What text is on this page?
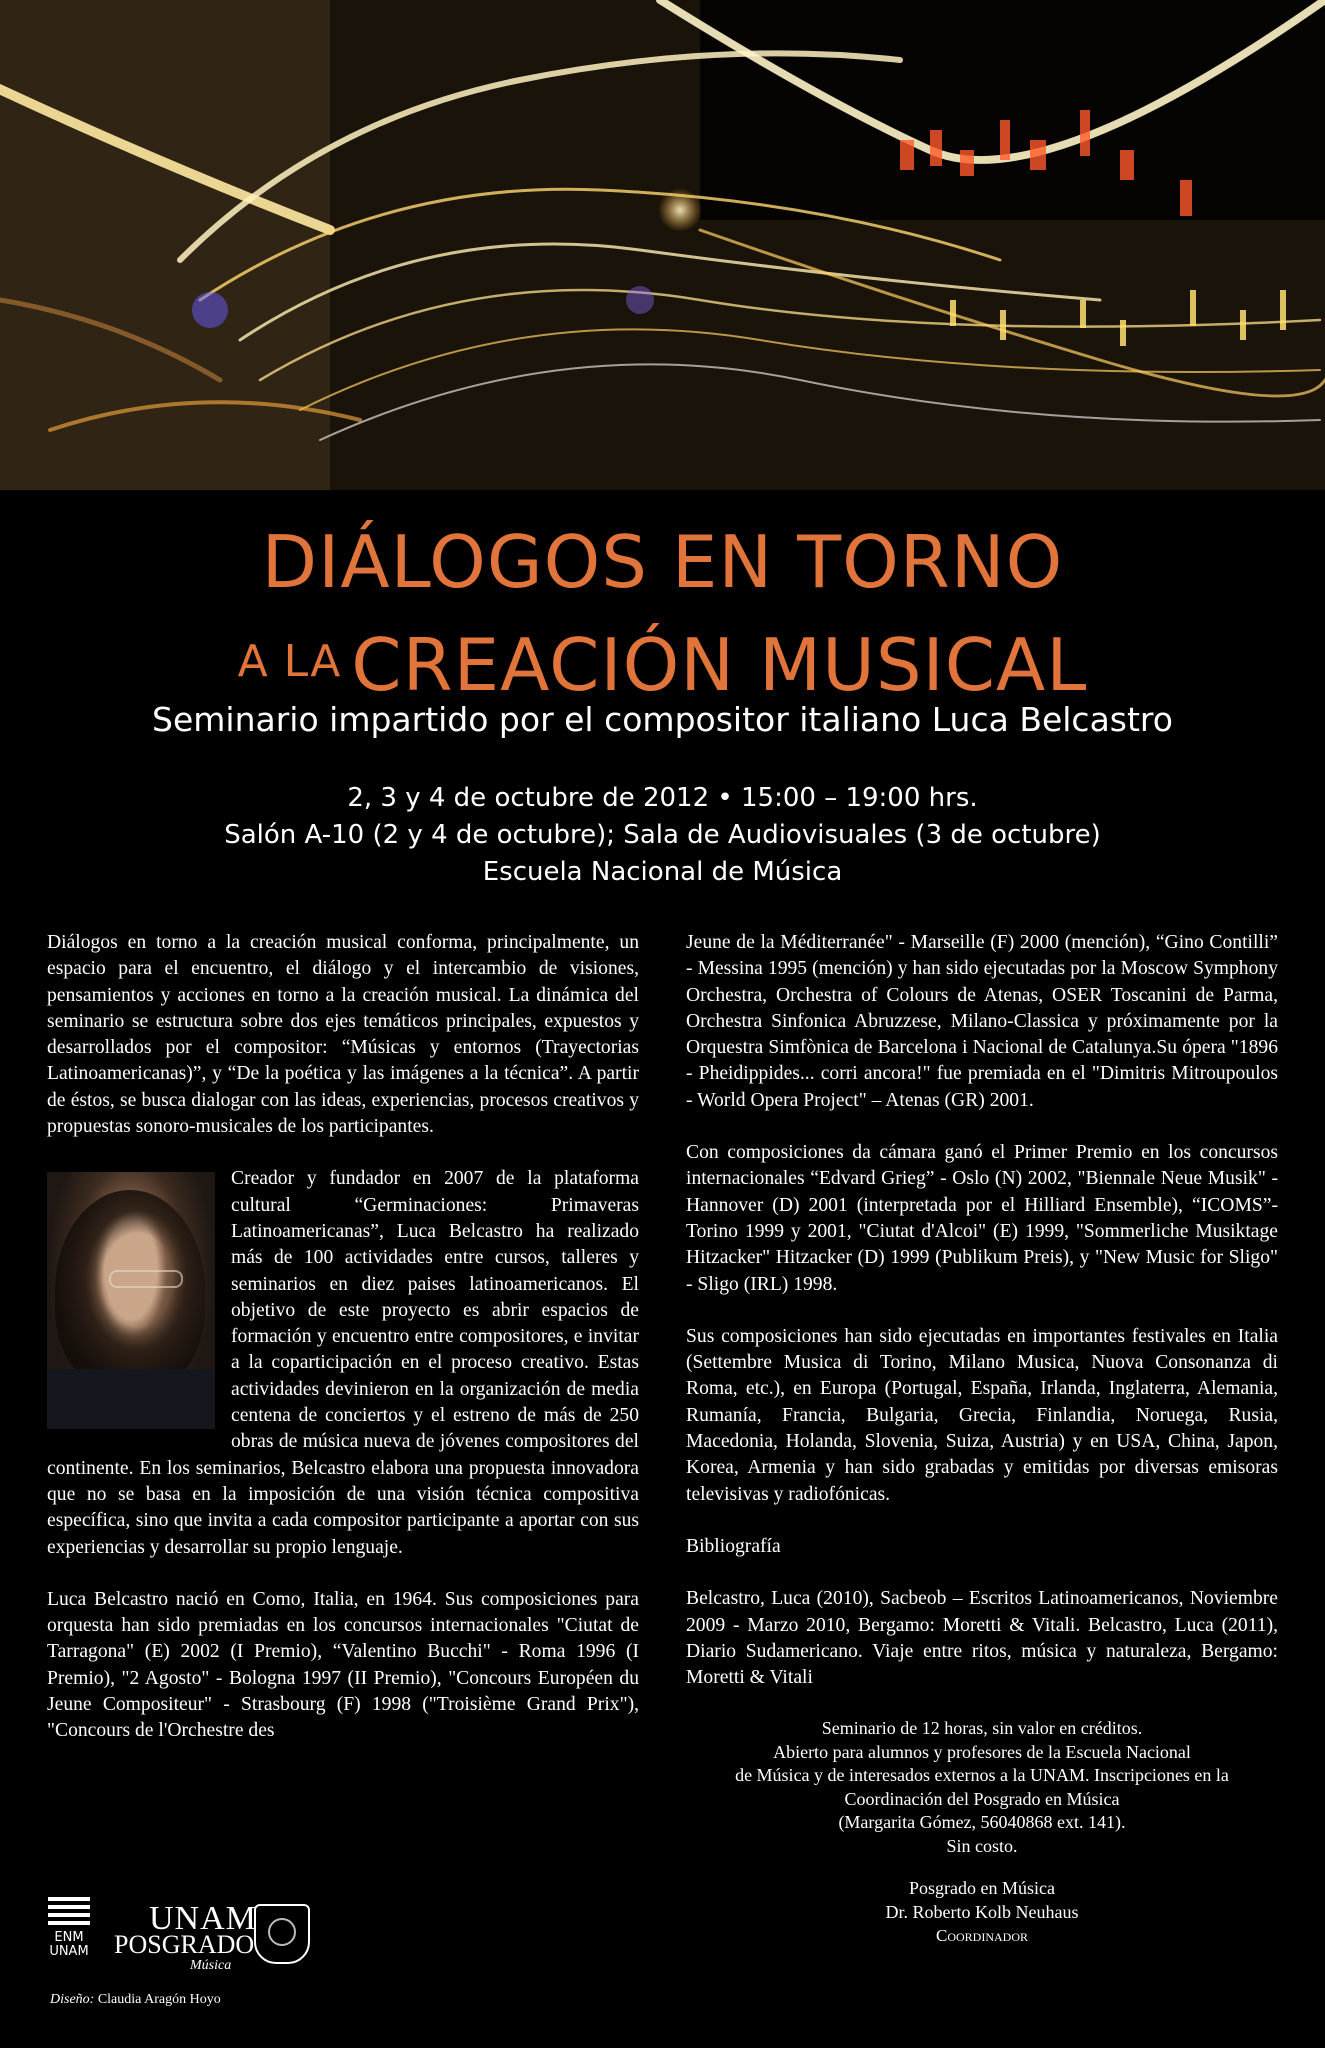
DIÁLOGOS EN TORNO
A LA CREACIÓN MUSICAL
Seminario impartido por el compositor italiano Luca Belcastro
2, 3 y 4 de octubre de 2012 • 15:00 – 19:00 hrs.
Salón A-10 (2 y 4 de octubre); Sala de Audiovisuales (3 de octubre)
Escuela Nacional de Música

Diálogos en torno a la creación musical conforma, principalmente, un espacio para el encuentro, el diálogo y el intercambio de visiones, pensamientos y acciones en torno a la creación musical. La dinámica del seminario se estructura sobre dos ejes temáticos principales, expuestos y desarrollados por el compositor: “Músicas y entornos (Trayectorias Latinoamericanas)”, y “De la poética y las imágenes a la técnica”. A partir de éstos, se busca dialogar con las ideas, experiencias, procesos creativos y propuestas sonoro-musicales de los participantes.

Creador y fundador en 2007 de la plataforma cultural “Germinaciones: Primaveras Latinoamericanas”, Luca Belcastro ha realizado más de 100 actividades entre cursos, talleres y seminarios en diez paises latinoamericanos. El objetivo de este proyecto es abrir espacios de formación y encuentro entre compositores, e invitar a la coparticipación en el proceso creativo. Estas actividades devinieron en la organización de media centena de conciertos y el estreno de más de 250 obras de música nueva de jóvenes compositores del continente. En los seminarios, Belcastro elabora una propuesta innovadora que no se basa en la imposición de una visión técnica compositiva específica, sino que invita a cada compositor participante a aportar con sus experiencias y desarrollar su propio lenguaje.

Luca Belcastro nació en Como, Italia, en 1964. Sus composiciones para orquesta han sido premiadas en los concursos internacionales "Ciutat de Tarragona" (E) 2002 (I Premio), “Valentino Bucchi" - Roma 1996 (I Premio), "2 Agosto" - Bologna 1997 (II Premio), "Concours Européen du Jeune Compositeur" - Strasbourg (F) 1998 ("Troisième Grand Prix"), "Concours de l'Orchestre des

Jeune de la Méditerranée" - Marseille (F) 2000 (mención), “Gino Contilli” - Messina 1995 (mención) y han sido ejecutadas por la Moscow Symphony Orchestra, Orchestra of Colours de Atenas, OSER Toscanini de Parma, Orchestra Sinfonica Abruzzese, Milano-Classica y próximamente por la Orquestra Simfònica de Barcelona i Nacional de Catalunya.Su ópera "1896 - Pheidippides... corri ancora!" fue premiada en el "Dimitris Mitroupoulos - World Opera Project" – Atenas (GR) 2001.

Con composiciones da cámara ganó el Primer Premio en los concursos internacionales “Edvard Grieg” - Oslo (N) 2002, "Biennale Neue Musik" - Hannover (D) 2001 (interpretada por el Hilliard Ensemble), “ICOMS”- Torino 1999 y 2001, "Ciutat d'Alcoi" (E) 1999, "Sommerliche Musiktage Hitzacker" Hitzacker (D) 1999 (Publikum Preis), y "New Music for Sligo" - Sligo (IRL) 1998.

Sus composiciones han sido ejecutadas en importantes festivales en Italia (Settembre Musica di Torino, Milano Musica, Nuova Consonanza di Roma, etc.), en Europa (Portugal, España, Irlanda, Inglaterra, Alemania, Rumanía, Francia, Bulgaria, Grecia, Finlandia, Noruega, Rusia, Macedonia, Holanda, Slovenia, Suiza, Austria) y en USA, China, Japon, Korea, Armenia y han sido grabadas y emitidas por diversas emisoras televisivas y radiofónicas.

Bibliografía

Belcastro, Luca (2010), Sacbeob – Escritos Latinoamericanos, Noviembre 2009 - Marzo 2010, Bergamo: Moretti & Vitali. Belcastro, Luca (2011), Diario Sudamericano. Viaje entre ritos, música y naturaleza, Bergamo: Moretti & Vitali

Seminario de 12 horas, sin valor en créditos.
Abierto para alumnos y profesores de la Escuela Nacional
de Música y de interesados externos a la UNAM. Inscripciones en la
Coordinación del Posgrado en Música
(Margarita Gómez, 56040868 ext. 141).
Sin costo.
Posgrado en Música
Dr. Roberto Kolb Neuhaus
Coordinador
ENM
UNAM
UNAM
POSGRADO
Música
Diseño: Claudia Aragón Hoyo
